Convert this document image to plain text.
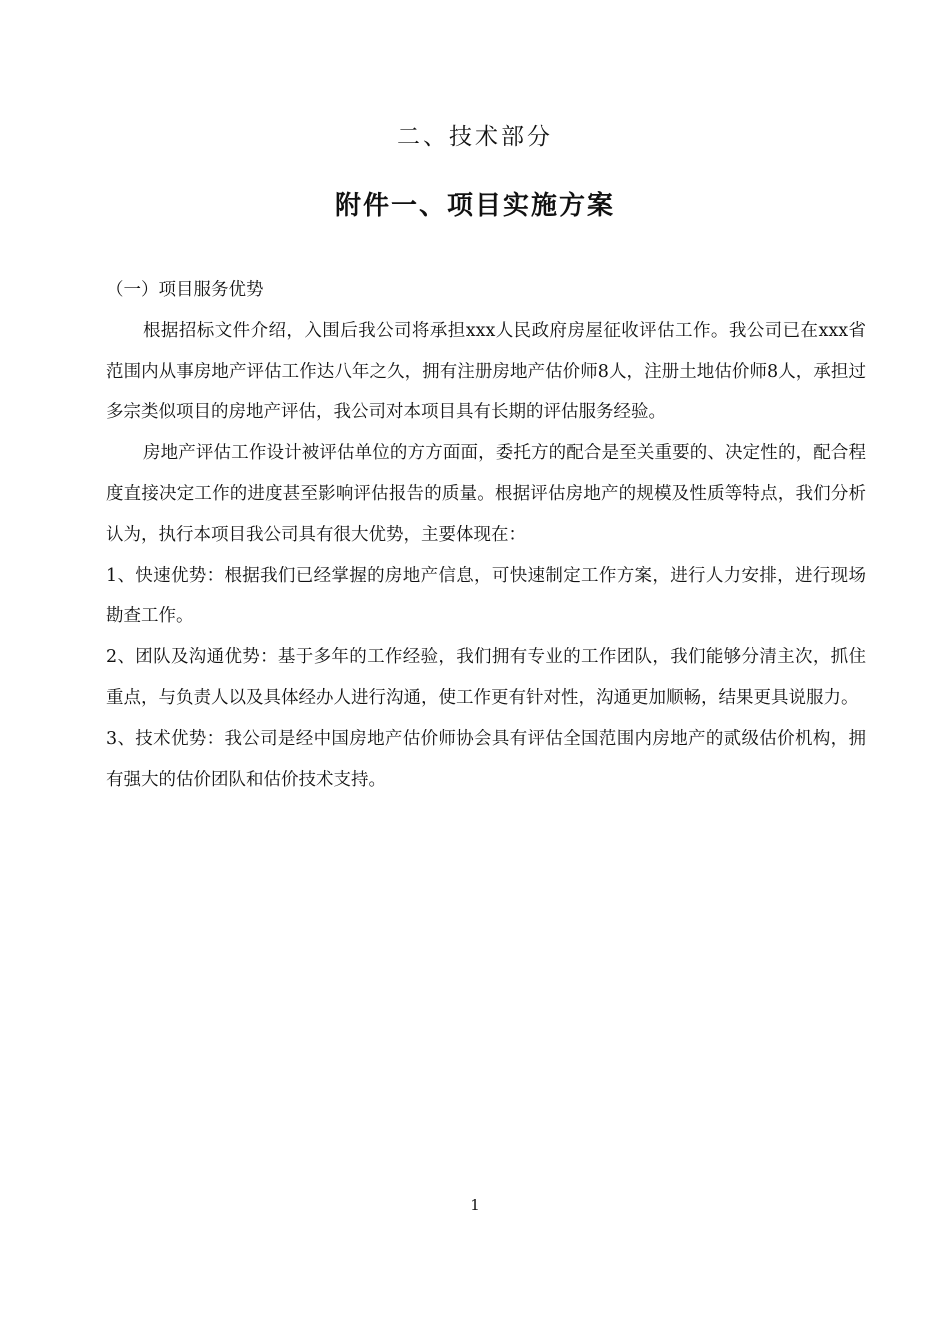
二、技术部分
附件一、项目实施方案

（一）项目服务优势

根据招标文件介绍，入围后我公司将承担xxx人民政府房屋征收评估工作。我公司已在xxx省范围内从事房地产评估工作达八年之久，拥有注册房地产估价师8人，注册土地估价师8人，承担过多宗类似项目的房地产评估，我公司对本项目具有长期的评估服务经验。

房地产评估工作设计被评估单位的方方面面，委托方的配合是至关重要的、决定性的，配合程度直接决定工作的进度甚至影响评估报告的质量。根据评估房地产的规模及性质等特点，我们分析认为，执行本项目我公司具有很大优势，主要体现在：

1、快速优势：根据我们已经掌握的房地产信息，可快速制定工作方案，进行人力安排，进行现场勘查工作。

2、团队及沟通优势：基于多年的工作经验，我们拥有专业的工作团队，我们能够分清主次，抓住重点，与负责人以及具体经办人进行沟通，使工作更有针对性，沟通更加顺畅，结果更具说服力。

3、技术优势：我公司是经中国房地产估价师协会具有评估全国范围内房地产的贰级估价机构，拥有强大的估价团队和估价技术支持。

1
